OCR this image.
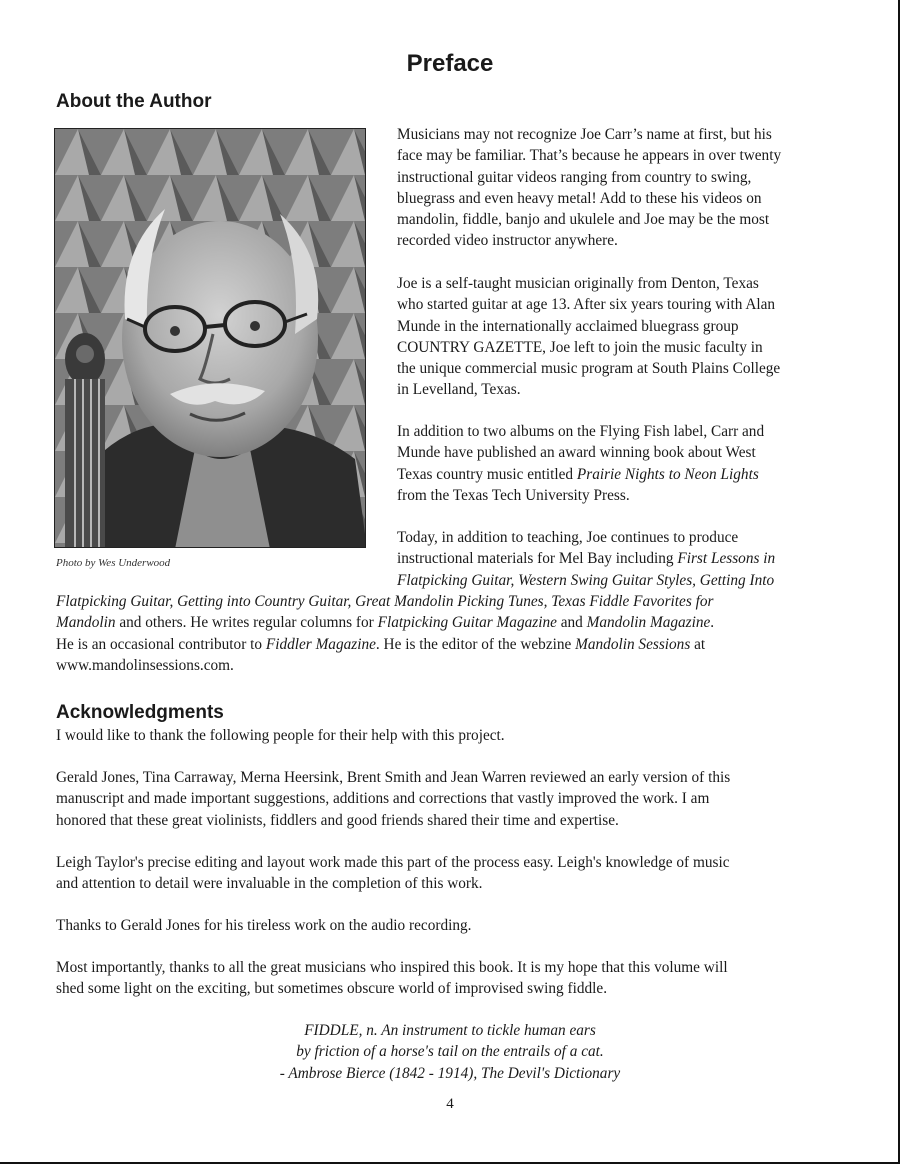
Preface
About the Author
Photo by Wes Underwood
Musicians may not recognize Joe Carr’s name at first, but his
face may be familiar. That’s because he appears in over twenty
instructional guitar videos ranging from country to swing,
bluegrass and even heavy metal! Add to these his videos on
mandolin, fiddle, banjo and ukulele and Joe may be the most
recorded video instructor anywhere.
Joe is a self-taught musician originally from Denton, Texas
who started guitar at age 13. After six years touring with Alan
Munde in the internationally acclaimed bluegrass group
COUNTRY GAZETTE, Joe left to join the music faculty in
the unique commercial music program at South Plains College
in Levelland, Texas.
In addition to two albums on the Flying Fish label, Carr and
Munde have published an award winning book about West
Texas country music entitled Prairie Nights to Neon Lights
from the Texas Tech University Press.
Today, in addition to teaching, Joe continues to produce
instructional materials for Mel Bay including First Lessons in
Flatpicking Guitar, Western Swing Guitar Styles, Getting Into
Flatpicking Guitar, Getting into Country Guitar, Great Mandolin Picking Tunes, Texas Fiddle Favorites for
Mandolin and others. He writes regular columns for Flatpicking Guitar Magazine and Mandolin Magazine.
He is an occasional contributor to Fiddler Magazine. He is the editor of the webzine Mandolin Sessions at
www.mandolinsessions.com.
Acknowledgments
I would like to thank the following people for their help with this project.
Gerald Jones, Tina Carraway, Merna Heersink, Brent Smith and Jean Warren reviewed an early version of this
manuscript and made important suggestions, additions and corrections that vastly improved the work. I am
honored that these great violinists, fiddlers and good friends shared their time and expertise.
Leigh Taylor's precise editing and layout work made this part of the process easy. Leigh's knowledge of music
and attention to detail were invaluable in the completion of this work.
Thanks to Gerald Jones for his tireless work on the audio recording.
Most importantly, thanks to all the great musicians who inspired this book. It is my hope that this volume will
shed some light on the exciting, but sometimes obscure world of improvised swing fiddle.
FIDDLE, n. An instrument to tickle human ears
by friction of a horse's tail on the entrails of a cat.
- Ambrose Bierce (1842 - 1914), The Devil's Dictionary
4
